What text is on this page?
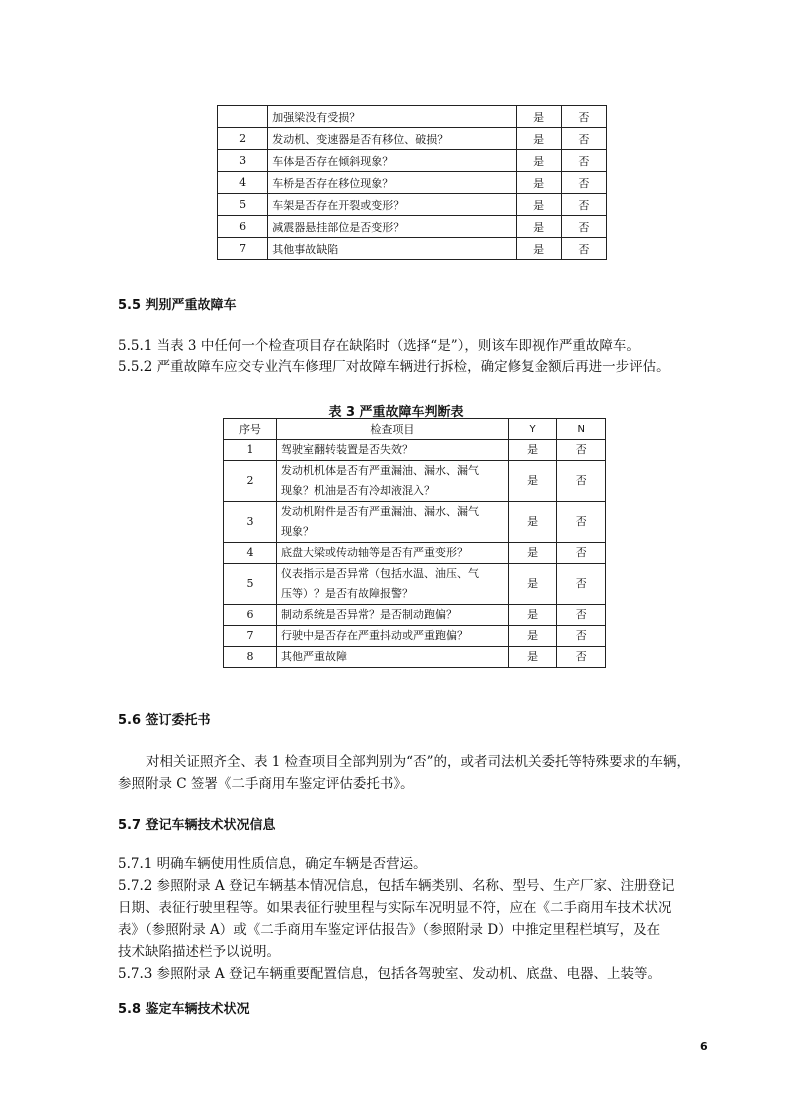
	加强梁没有受损？	是	否
2	发动机、变速器是否有移位、破损？	是	否
3	车体是否存在倾斜现象？	是	否
4	车桥是否存在移位现象？	是	否
5	车架是否存在开裂或变形？	是	否
6	减震器悬挂部位是否变形？	是	否
7	其他事故缺陷	是	否
5.5 判别严重故障车
5.5.1 当表 3 中任何一个检查项目存在缺陷时（选择“是”），则该车即视作严重故障车。
5.5.2 严重故障车应交专业汽车修理厂对故障车辆进行拆检，确定修复金额后再进一步评估。
表 3 严重故障车判断表
序号	检查项目	Y	N
1	驾驶室翻转装置是否失效？	是	否
2	发动机机体是否有严重漏油、漏水、漏气
现象？机油是否有冷却液混入？	是	否
3	发动机附件是否有严重漏油、漏水、漏气
现象？	是	否
4	底盘大梁或传动轴等是否有严重变形？	是	否
5	仪表指示是否异常（包括水温、油压、气
压等）？是否有故障报警？	是	否
6	制动系统是否异常？是否制动跑偏？	是	否
7	行驶中是否存在严重抖动或严重跑偏？	是	否
8	其他严重故障	是	否
5.6 签订委托书
对相关证照齐全、表 1 检查项目全部判别为“否”的，或者司法机关委托等特殊要求的车辆，
参照附录 C 签署《二手商用车鉴定评估委托书》。
5.7 登记车辆技术状况信息
5.7.1 明确车辆使用性质信息，确定车辆是否营运。
5.7.2 参照附录 A 登记车辆基本情况信息，包括车辆类别、名称、型号、生产厂家、注册登记
日期、表征行驶里程等。如果表征行驶里程与实际车况明显不符，应在《二手商用车技术状况
表》（参照附录 A）或《二手商用车鉴定评估报告》（参照附录 D）中推定里程栏填写，及在
技术缺陷描述栏予以说明。
5.7.3 参照附录 A 登记车辆重要配置信息，包括各驾驶室、发动机、底盘、电器、上装等。
5.8 鉴定车辆技术状况
6
